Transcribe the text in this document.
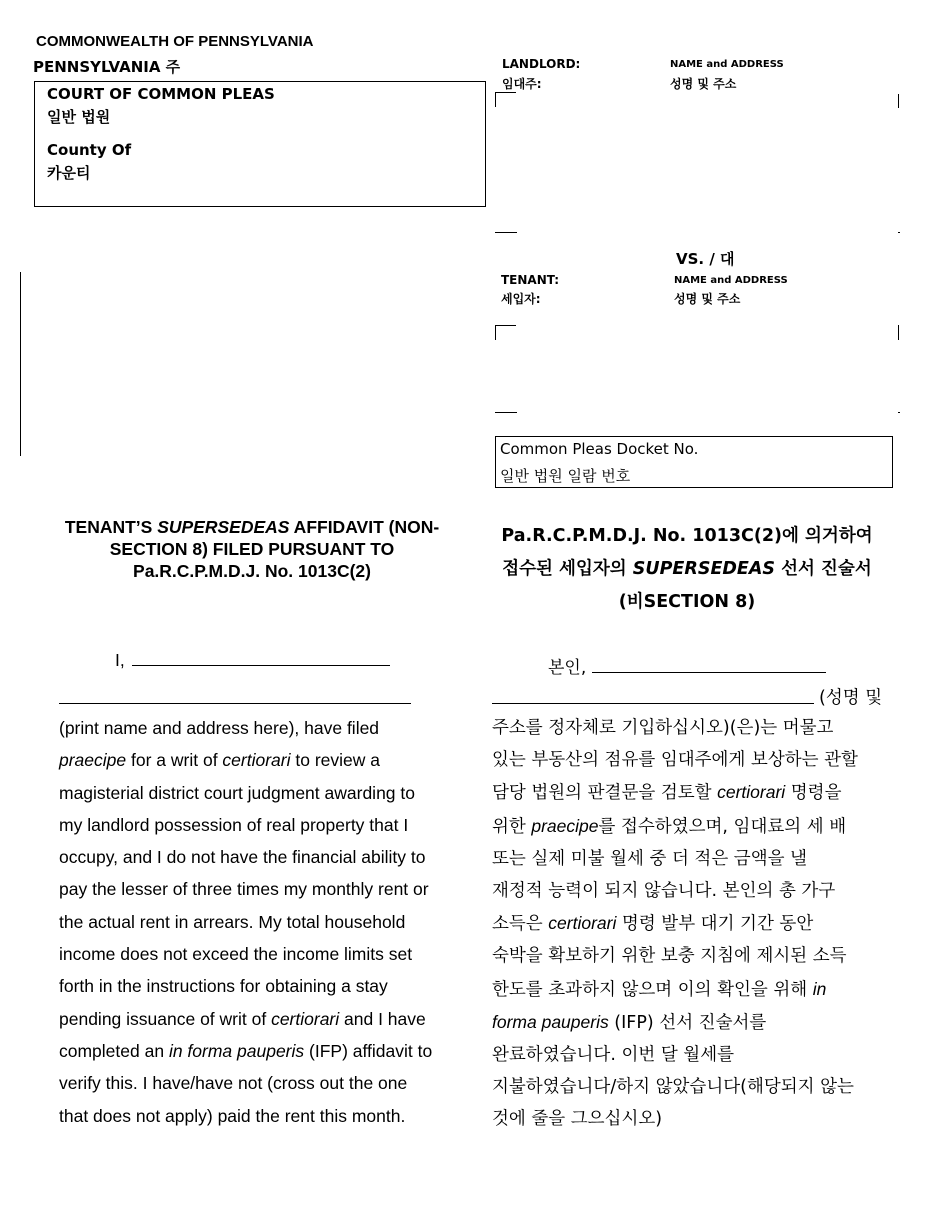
COMMONWEALTH OF PENNSYLVANIA
PENNSYLVANIA 주
COURT OF COMMON PLEAS
일반 법원
County Of
카운티
LANDLORD:
임대주:
NAME and ADDRESS
성명 및 주소
VS. / 대
TENANT:
세입자:
NAME and ADDRESS
성명 및 주소
Common Pleas Docket No.
일반 법원 일람 번호
TENANT’S SUPERSEDEAS AFFIDAVIT (NON-
SECTION 8) FILED PURSUANT TO
Pa.R.C.P.M.D.J. No. 1013C(2)
Pa.R.C.P.M.D.J. No. 1013C(2)에 의거하여
접수된 세입자의 SUPERSEDEAS 선서 진술서
(비SECTION 8)
I,
(print name and address here), have filed
praecipe for a writ of certiorari to review a
magisterial district court judgment awarding to
my landlord possession of real property that I
occupy, and I do not have the financial ability to
pay the lesser of three times my monthly rent or
the actual rent in arrears. My total household
income does not exceed the income limits set
forth in the instructions for obtaining a stay
pending issuance of writ of certiorari and I have
completed an in forma pauperis (IFP) affidavit to
verify this. I have/have not (cross out the one
that does not apply) paid the rent this month.
본인,
(성명 및
주소를 정자체로 기입하십시오)(은)는 머물고
있는 부동산의 점유를 임대주에게 보상하는 관할
담당 법원의 판결문을 검토할 certiorari 명령을
위한 praecipe를 접수하였으며, 임대료의 세 배
또는 실제 미불 월세 중 더 적은 금액을 낼
재정적 능력이 되지 않습니다. 본인의 총 가구
소득은 certiorari 명령 발부 대기 기간 동안
숙박을 확보하기 위한 보충 지침에 제시된 소득
한도를 초과하지 않으며 이의 확인을 위해 in
forma pauperis (IFP) 선서 진술서를
완료하였습니다. 이번 달 월세를
지불하였습니다/하지 않았습니다(해당되지 않는
것에 줄을 그으십시오)
